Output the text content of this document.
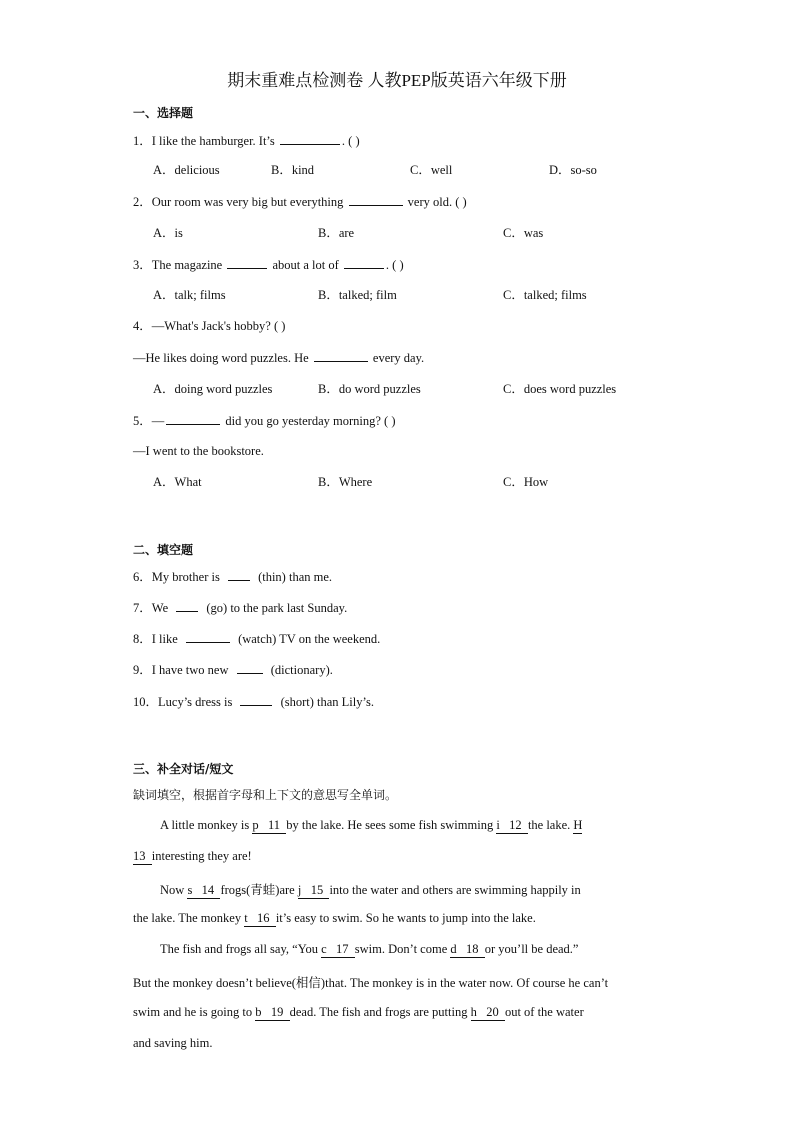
期末重难点检测卷 人教PEP版英语六年级下册
一、选择题
1．I like the hamburger. It’s	. ( )
A．delicious	B．kind	C．well	D．so-so
2．Our room was very big but everything	very old. ( )
A．is	B．are	C．was
3．The magazine	about a lot of	. ( )
A．talk; films	B．talked; film	C．talked; films
4．—What's Jack's hobby? ( )
—He likes doing word puzzles. He	every day.
A．doing word puzzles	B．do word puzzles	C．does word puzzles
5．—	did you go yesterday morning? ( )
—I went to the bookstore.
A．What	B．Where	C．How
二、填空题
6．My brother is	(thin) than me.
7．We	(go) to the park last Sunday.
8．I like	(watch) TV on the weekend.
9．I have two new	(dictionary).
10．Lucy’s dress is	(short) than Lily’s.
三、补全对话/短文
缺词填空，根据首字母和上下文的意思写全单词。
A little monkey is p   11  by the lake. He sees some fish swimming i   12  the lake. H
13  interesting they are!
Now s   14  frogs(青蛙)are j   15  into the water and others are swimming happily in
the lake. The monkey t   16  it’s easy to swim. So he wants to jump into the lake.
The fish and frogs all say, “You c   17  swim. Don’t come d   18  or you’ll be dead.”
But the monkey doesn’t believe(相信)that. The monkey is in the water now. Of course he can’t
swim and he is going to b   19  dead. The fish and frogs are putting h   20  out of the water
and saving him.
